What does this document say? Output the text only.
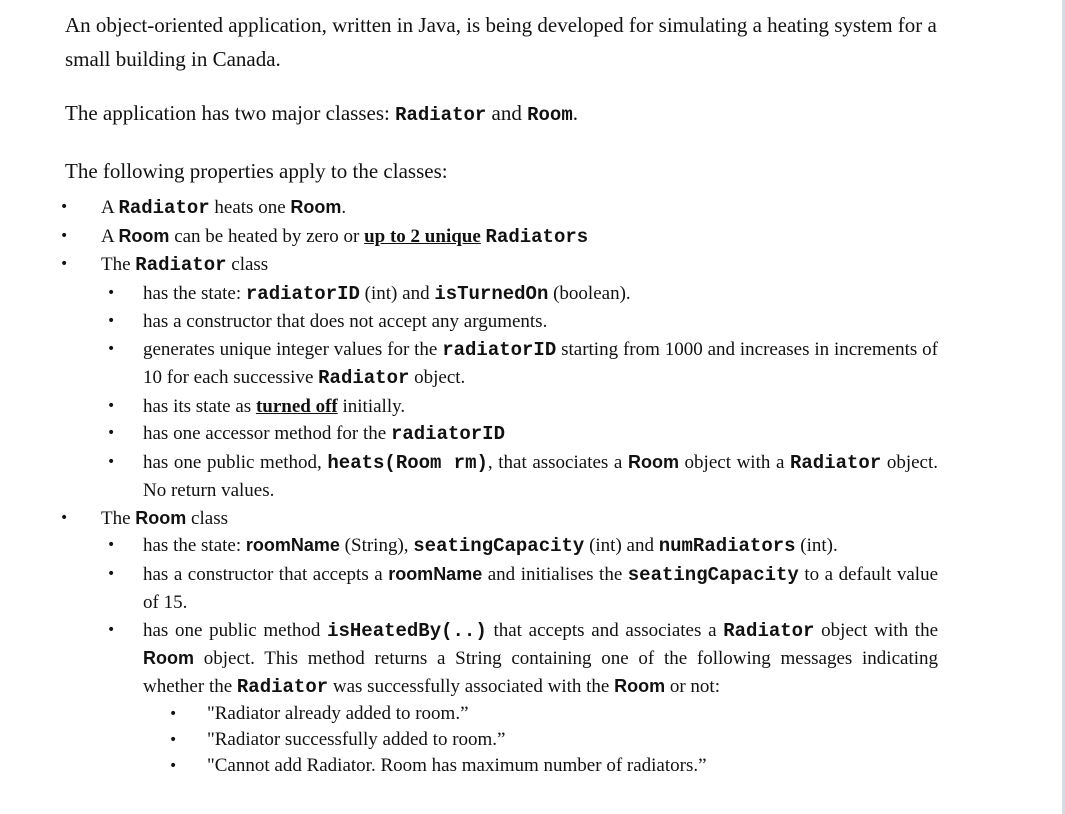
An object-oriented application, written in Java, is being developed for simulating a heating system for a small building in Canada.

The application has two major classes: Radiator and Room.

The following properties apply to the classes:

• A Radiator heats one Room.
• A Room can be heated by zero or up to 2 unique Radiators
• The Radiator class
• has the state: radiatorID (int) and isTurnedOn (boolean).
• has a constructor that does not accept any arguments.
• generates unique integer values for the radiatorID starting from 1000 and increases in increments of 10 for each successive Radiator object.
• has its state as turned off initially.
• has one accessor method for the radiatorID
• has one public method, heats(Room rm), that associates a Room object with a Radiator object. No return values.
• The Room class
• has the state: roomName (String), seatingCapacity (int) and numRadiators (int).
• has a constructor that accepts a roomName and initialises the seatingCapacity to a default value of 15.
• has one public method isHeatedBy(..) that accepts and associates a Radiator object with the Room object. This method returns a String containing one of the following messages indicating whether the Radiator was successfully associated with the Room or not:
• "Radiator already added to room.”
• "Radiator successfully added to room.”
• "Cannot add Radiator. Room has maximum number of radiators.”
